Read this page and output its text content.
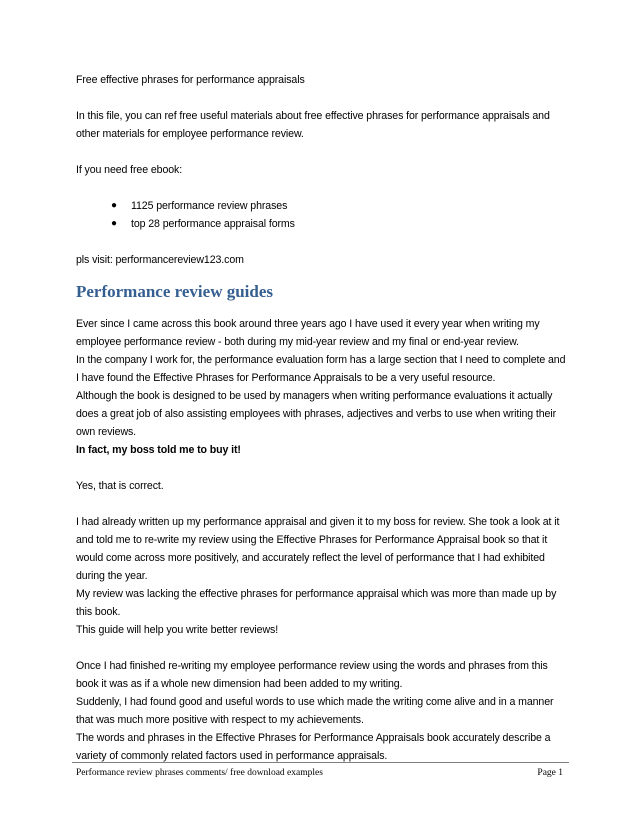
Free effective phrases for performance appraisals

In this file, you can ref free useful materials about free effective phrases for performance appraisals and other materials for employee performance review.

If you need free ebook:

● 1125 performance review phrases
● top 28 performance appraisal forms

pls visit: performancereview123.com

Performance review guides

Ever since I came across this book around three years ago I have used it every year when writing my employee performance review - both during my mid-year review and my final or end-year review.

In the company I work for, the performance evaluation form has a large section that I need to complete and I have found the Effective Phrases for Performance Appraisals to be a very useful resource.

Although the book is designed to be used by managers when writing performance evaluations it actually does a great job of also assisting employees with phrases, adjectives and verbs to use when writing their own reviews.

In fact, my boss told me to buy it!

Yes, that is correct.

I had already written up my performance appraisal and given it to my boss for review. She took a look at it and told me to re-write my review using the Effective Phrases for Performance Appraisal book so that it would come across more positively, and accurately reflect the level of performance that I had exhibited during the year.

My review was lacking the effective phrases for performance appraisal which was more than made up by this book.

This guide will help you write better reviews!

Once I had finished re-writing my employee performance review using the words and phrases from this book it was as if a whole new dimension had been added to my writing.

Suddenly, I had found good and useful words to use which made the writing come alive and in a manner that was much more positive with respect to my achievements.

The words and phrases in the Effective Phrases for Performance Appraisals book accurately describe a variety of commonly related factors used in performance appraisals.

Performance review phrases comments/ free download examples	Page 1
